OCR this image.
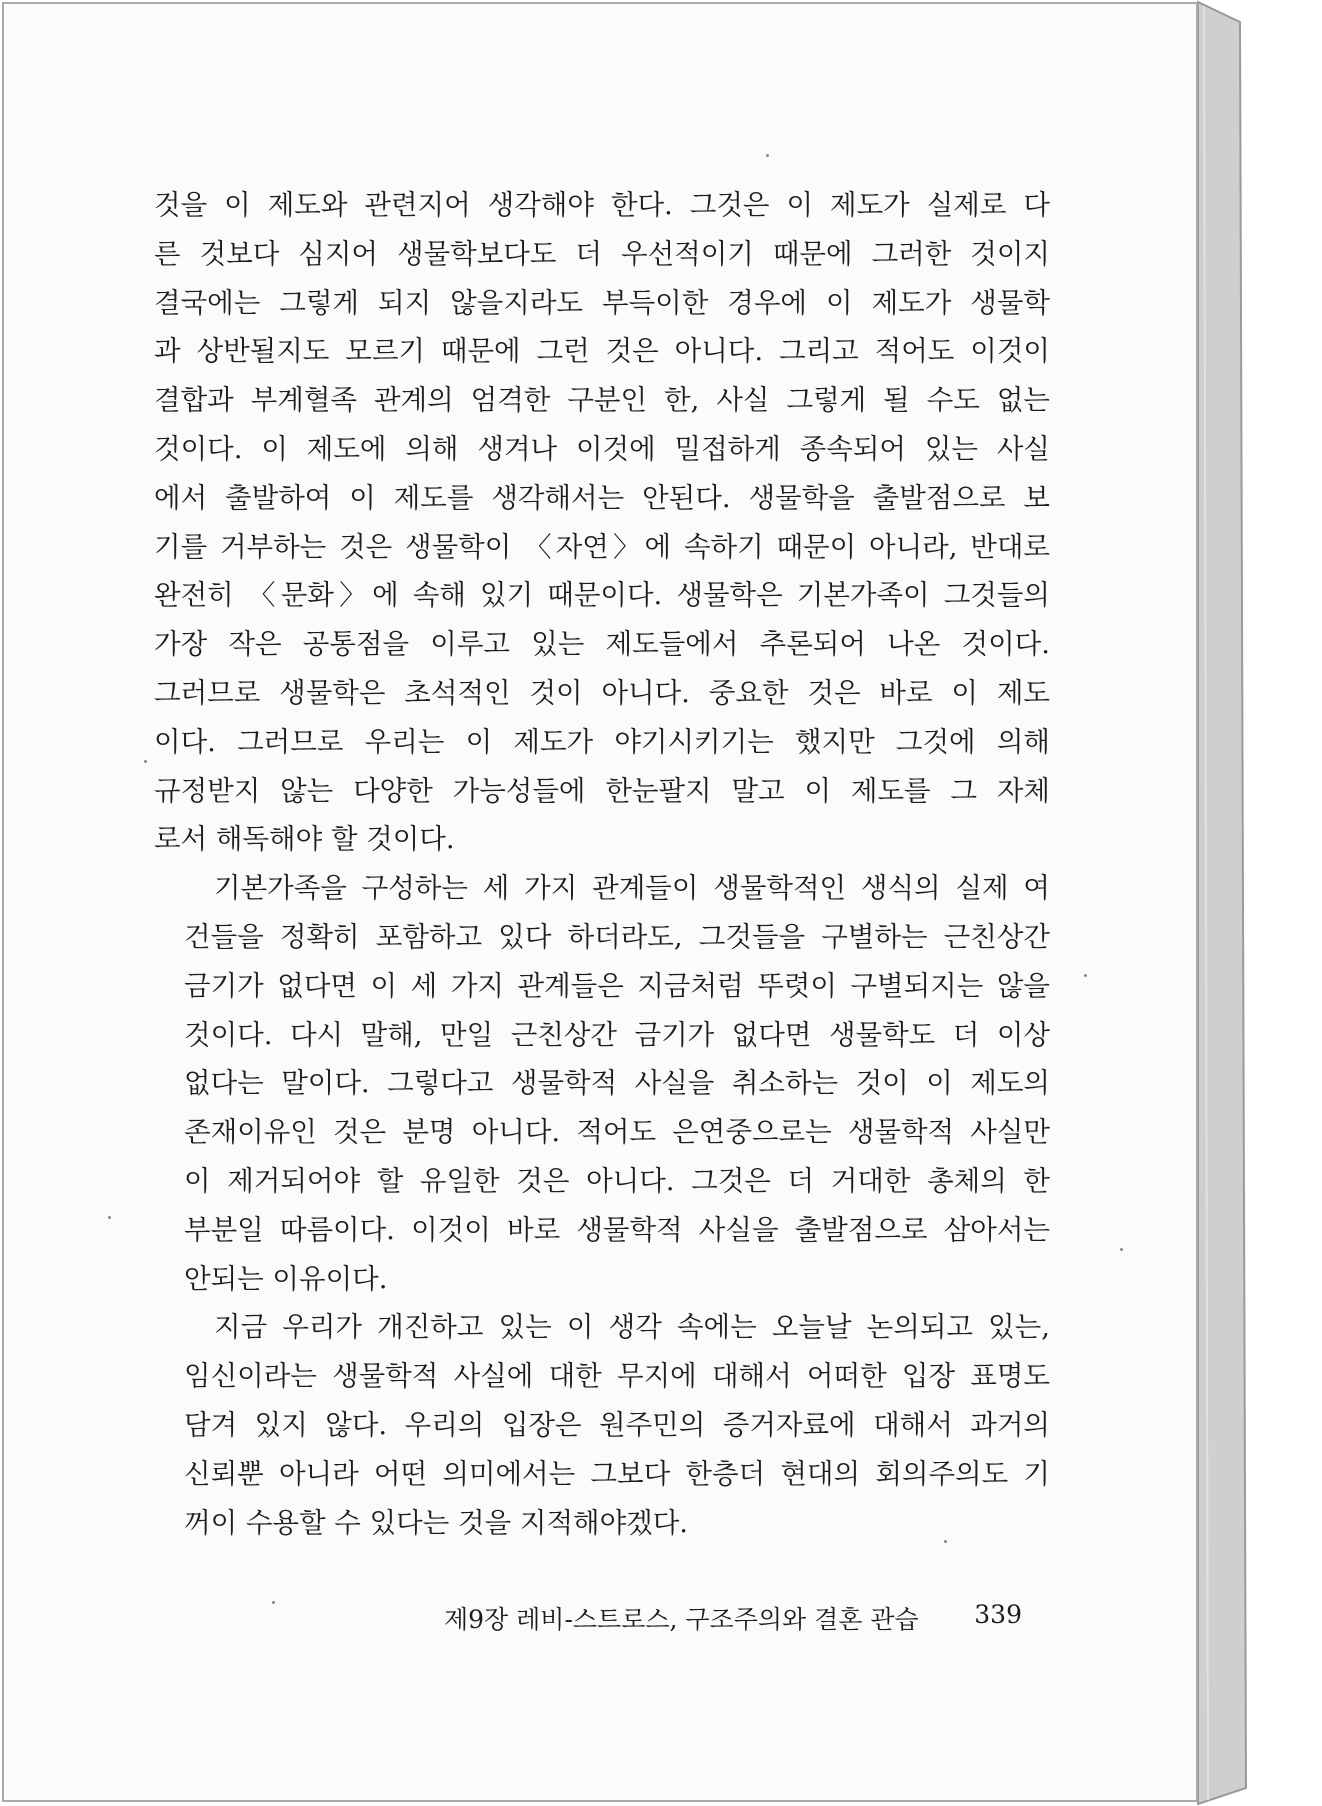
것을 이 제도와 관련지어 생각해야 한다. 그것은 이 제도가 실제로 다
른 것보다 심지어 생물학보다도 더 우선적이기 때문에 그러한 것이지
결국에는 그렇게 되지 않을지라도 부득이한 경우에 이 제도가 생물학
과 상반될지도 모르기 때문에 그런 것은 아니다. 그리고 적어도 이것이
결합과 부계혈족 관계의 엄격한 구분인 한, 사실 그렇게 될 수도 없는
것이다. 이 제도에 의해 생겨나 이것에 밀접하게 종속되어 있는 사실
에서 출발하여 이 제도를 생각해서는 안된다. 생물학을 출발점으로 보
기를 거부하는 것은 생물학이 〈자연〉에 속하기 때문이 아니라, 반대로
완전히 〈문화〉에 속해 있기 때문이다. 생물학은 기본가족이 그것들의
가장 작은 공통점을 이루고 있는 제도들에서 추론되어 나온 것이다.
그러므로 생물학은 초석적인 것이 아니다. 중요한 것은 바로 이 제도
이다. 그러므로 우리는 이 제도가 야기시키기는 했지만 그것에 의해
규정받지 않는 다양한 가능성들에 한눈팔지 말고 이 제도를 그 자체
로서 해독해야 할 것이다.
기본가족을 구성하는 세 가지 관계들이 생물학적인 생식의 실제 여
건들을 정확히 포함하고 있다 하더라도, 그것들을 구별하는 근친상간
금기가 없다면 이 세 가지 관계들은 지금처럼 뚜렷이 구별되지는 않을
것이다. 다시 말해, 만일 근친상간 금기가 없다면 생물학도 더 이상
없다는 말이다. 그렇다고 생물학적 사실을 취소하는 것이 이 제도의
존재이유인 것은 분명 아니다. 적어도 은연중으로는 생물학적 사실만
이 제거되어야 할 유일한 것은 아니다. 그것은 더 거대한 총체의 한
부분일 따름이다. 이것이 바로 생물학적 사실을 출발점으로 삼아서는
안되는 이유이다.
지금 우리가 개진하고 있는 이 생각 속에는 오늘날 논의되고 있는,
임신이라는 생물학적 사실에 대한 무지에 대해서 어떠한 입장 표명도
담겨 있지 않다. 우리의 입장은 원주민의 증거자료에 대해서 과거의
신뢰뿐 아니라 어떤 의미에서는 그보다 한층더 현대의 회의주의도 기
꺼이 수용할 수 있다는 것을 지적해야겠다.
제9장 레비-스트로스, 구조주의와 결혼 관습 339
